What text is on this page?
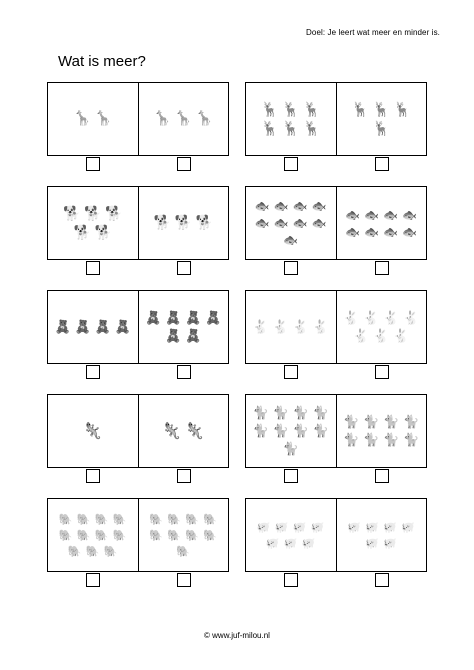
Doel: Je leert wat meer en minder is.
Wat is meer?
🦒 🦒	🦒 🦒 🦒
🦌 🦌 🦌
🦌 🦌 🦌
🦌 🦌 🦌
🦌
🐕 🐕 🐕
🐕 🐕
🐕 🐕 🐕
🐟 🐟 🐟 🐟
🐟 🐟 🐟 🐟
🐟
🐟 🐟 🐟 🐟
🐟 🐟 🐟 🐟
🧸 🧸 🧸 🧸
🧸 🧸 🧸 🧸
🧸 🧸
🐇 🐇 🐇 🐇
🐇 🐇 🐇 🐇
🐇 🐇 🐇
🦎	🦎 🦎
🐈 🐈 🐈 🐈
🐈 🐈 🐈 🐈
🐈
🐈 🐈 🐈 🐈
🐈 🐈 🐈 🐈
🐘 🐘 🐘 🐘
🐘 🐘 🐘 🐘
🐘 🐘 🐘
🐘 🐘 🐘 🐘
🐘 🐘 🐘 🐘
🐘
🐖 🐖 🐖 🐖
🐖 🐖 🐖
🐖 🐖 🐖 🐖
🐖 🐖
© www.juf-milou.nl
